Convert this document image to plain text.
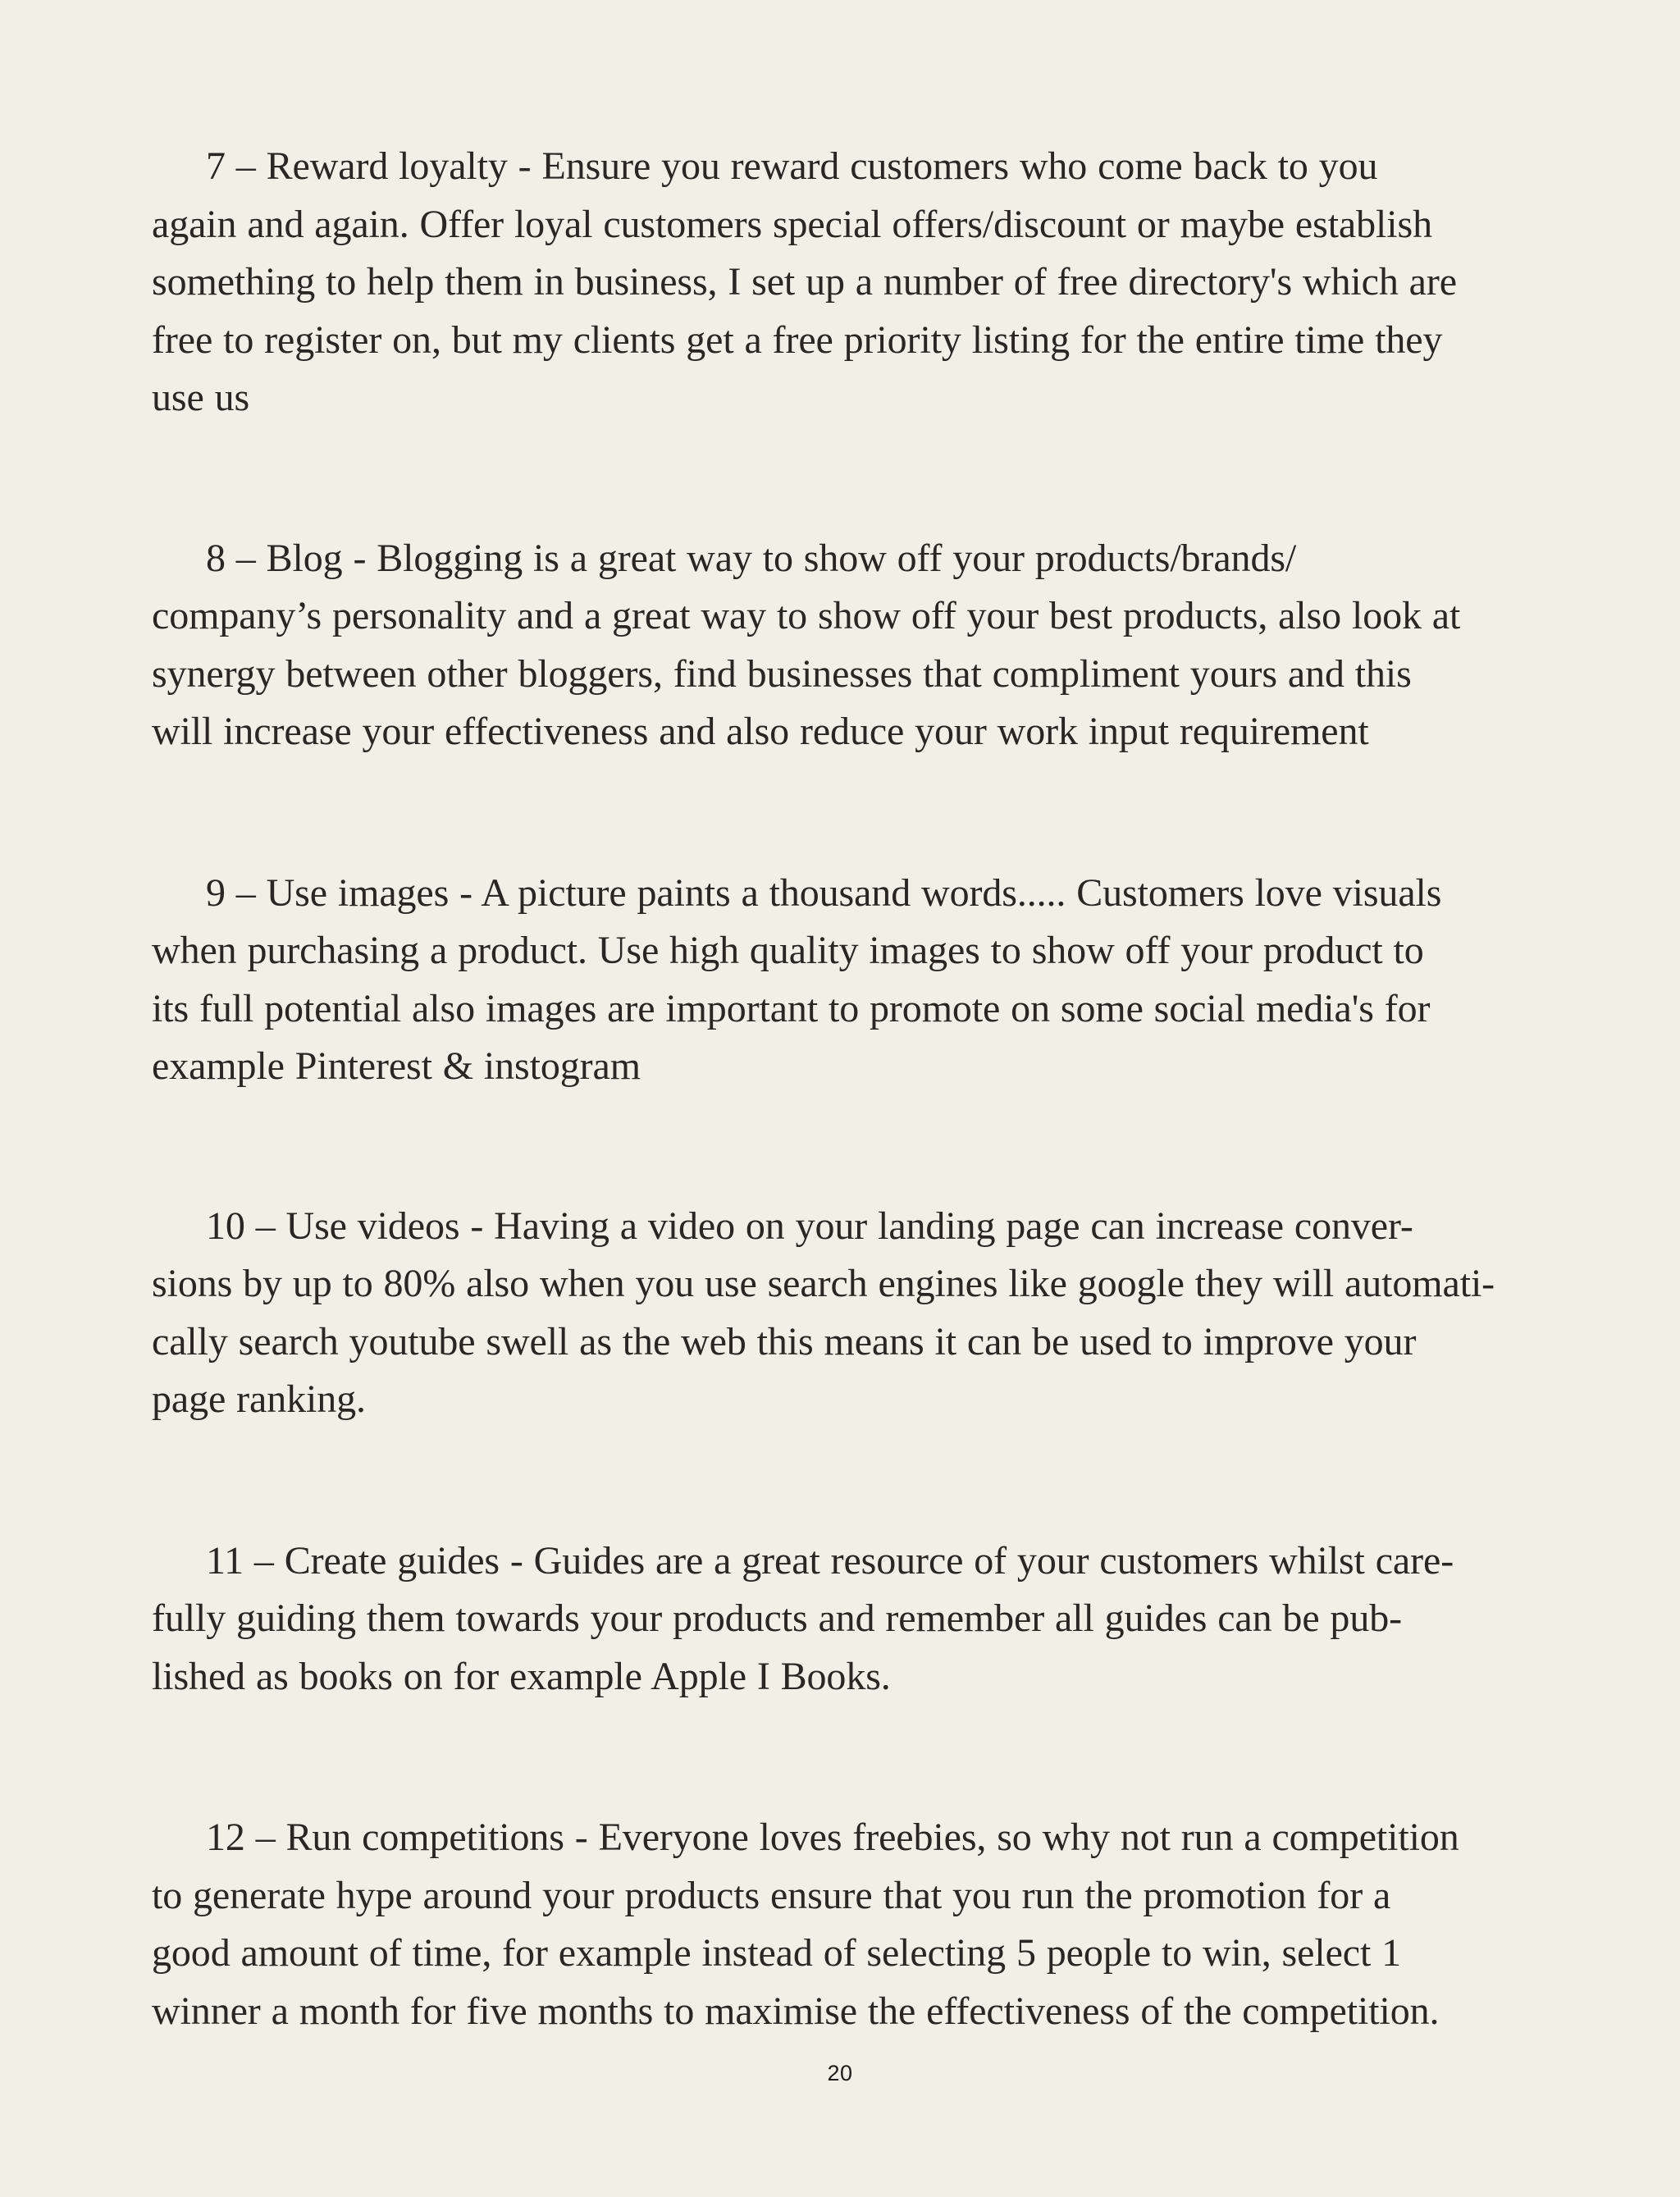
7 – Reward loyalty - Ensure you reward customers who come back to you
again and again. Offer loyal customers special offers/discount or maybe establish
something to help them in business, I set up a number of free directory's which are
free to register on, but my clients get a free priority listing for the entire time they
use us

8 – Blog - Blogging is a great way to show off your products/brands/
company’s personality and a great way to show off your best products, also look at
synergy between other bloggers, find businesses that compliment yours and this
will increase your effectiveness and also reduce your work input requirement

9 – Use images - A picture paints a thousand words..... Customers love visuals
when purchasing a product. Use high quality images to show off your product to
its full potential also images are important to promote on some social media's for
example Pinterest & instogram

10 – Use videos - Having a video on your landing page can increase conver-
sions by up to 80% also when you use search engines like google they will automati-
cally search youtube swell as the web this means it can be used to improve your
page ranking.

11 – Create guides - Guides are a great resource of your customers whilst care-
fully guiding them towards your products and remember all guides can be pub-
lished as books on for example Apple I Books.

12 – Run competitions - Everyone loves freebies, so why not run a competition
to generate hype around your products ensure that you run the promotion for a
good amount of time, for example instead of selecting 5 people to win, select 1
winner a month for five months to maximise the effectiveness of the competition.

20
